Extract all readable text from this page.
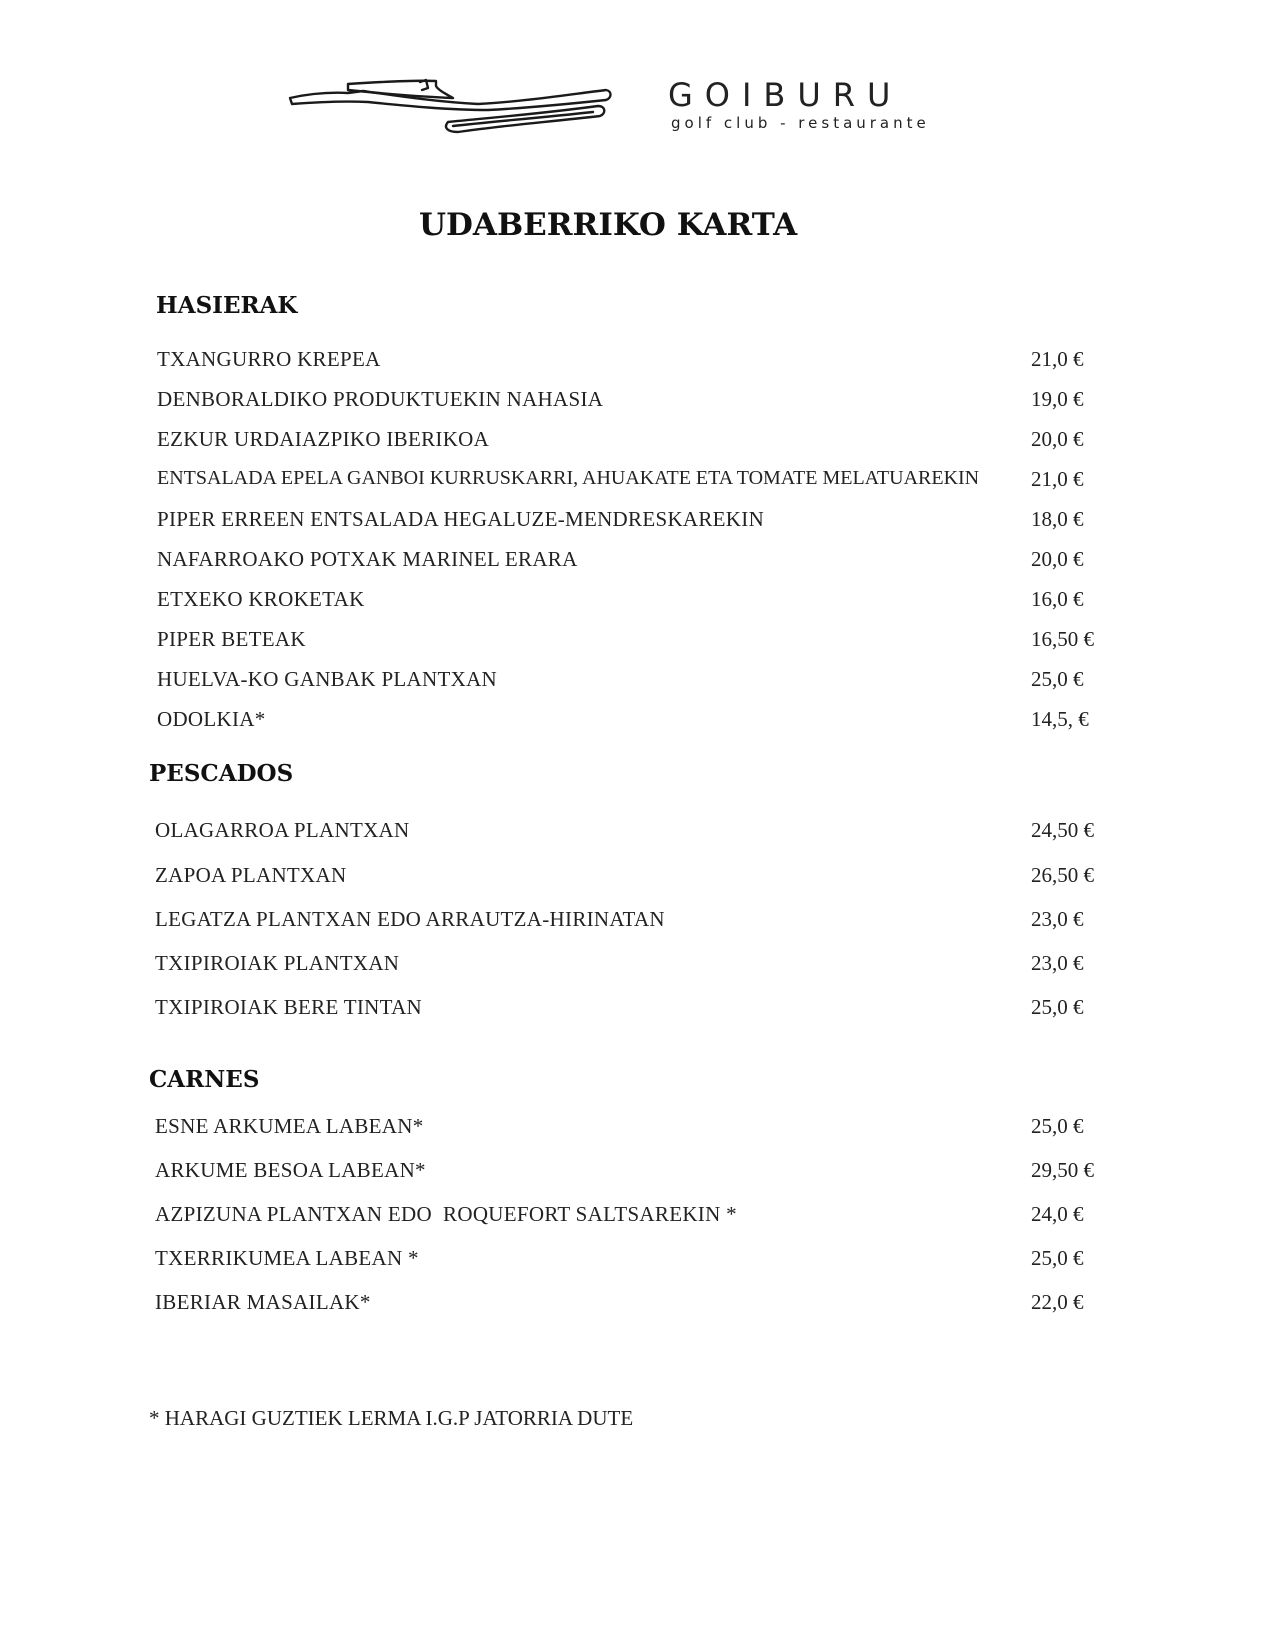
GOIBURU
golf club - restaurante
UDABERRIKO KARTA
HASIERAK
TXANGURRO KREPEA	21,0 €
DENBORALDIKO PRODUKTUEKIN NAHASIA	19,0 €
EZKUR URDAIAZPIKO IBERIKOA	20,0 €
ENTSALADA EPELA GANBOI KURRUSKARRI, AHUAKATE ETA TOMATE MELATUAREKIN 21,0 €
PIPER ERREEN ENTSALADA HEGALUZE-MENDRESKAREKIN	18,0 €
NAFARROAKO POTXAK MARINEL ERARA	20,0 €
ETXEKO KROKETAK	16,0 €
PIPER BETEAK	16,50 €
HUELVA-KO GANBAK PLANTXAN	25,0 €
ODOLKIA*	14,5, €
PESCADOS
OLAGARROA PLANTXAN	24,50 €
ZAPOA PLANTXAN	26,50 €
LEGATZA PLANTXAN EDO ARRAUTZA-HIRINATAN	23,0 €
TXIPIROIAK PLANTXAN	23,0 €
TXIPIROIAK BERE TINTAN	25,0 €
CARNES
ESNE ARKUMEA LABEAN*	25,0 €
ARKUME BESOA LABEAN*	29,50 €
AZPIZUNA PLANTXAN EDO  ROQUEFORT SALTSAREKIN *	24,0 €
TXERRIKUMEA LABEAN *	25,0 €
IBERIAR MASAILAK*	22,0 €
* HARAGI GUZTIEK LERMA I.G.P JATORRIA DUTE
